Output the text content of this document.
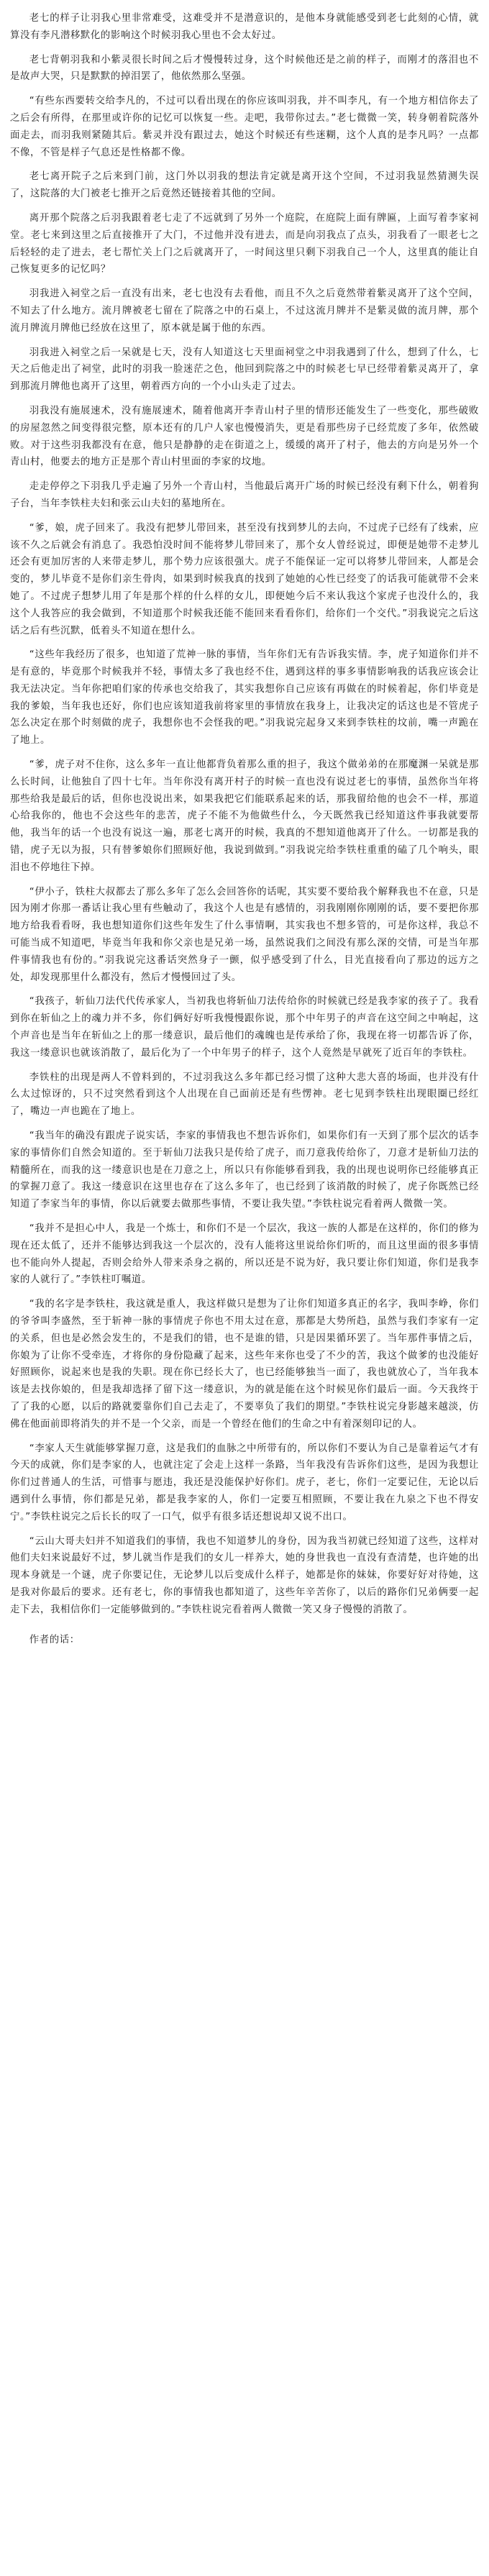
老七的样子让羽我心里非常难受，这难受并不是潜意识的，是他本身就能感受到老七此刻的心情，就算没有李凡潜移默化的影响这个时候羽我心里也不会太好过。

老七背朝羽我和小紫灵很长时间之后才慢慢转过身，这个时候他还是之前的样子，而刚才的落泪也不是故声大哭，只是默默的掉泪罢了，他依然那么坚强。

“有些东西要转交给李凡的，不过可以看出现在的你应该叫羽我，并不叫李凡，有一个地方相信你去了之后会有所得，在那里或许你的记忆可以恢复一些。走吧，我带你过去。”老七微微一笑，转身朝着院落外面走去，而羽我则紧随其后。紫灵并没有跟过去，她这个时候还有些迷糊，这个人真的是李凡吗？一点都不像，不管是样子气息还是性格都不像。

老七离开院子之后来到门前，这门外以羽我的想法肯定就是离开这个空间，不过羽我显然猜测失误了，这院落的大门被老七推开之后竟然还链接着其他的空间。

离开那个院落之后羽我跟着老七走了不远就到了另外一个庭院，在庭院上面有牌匾，上面写着李家祠堂。老七来到这里之后直接推开了大门，不过他并没有进去，而是向羽我点了点头，羽我看了一眼老七之后轻轻的走了进去，老七帮忙关上门之后就离开了，一时间这里只剩下羽我自己一个人，这里真的能让自己恢复更多的记忆吗？

羽我进入祠堂之后一直没有出来，老七也没有去看他，而且不久之后竟然带着紫灵离开了这个空间，不知去了什么地方。流月牌被老七留在了院落之中的石桌上，不过这流月牌并不是紫灵做的流月牌，那个流月牌流月牌他已经放在这里了，原本就是属于他的东西。

羽我进入祠堂之后一呆就是七天，没有人知道这七天里面祠堂之中羽我遇到了什么，想到了什么，七天之后他走出了祠堂，此时的羽我一脸迷茫之色，他回到院落之中的时候老七早已经带着紫灵离开了，拿到那流月牌他也离开了这里，朝着西方向的一个小山头走了过去。

羽我没有施展速术，没有施展速术，随着他离开李青山村子里的情形还能发生了一些变化，那些破败的房屋忽然之间变得很完整，原本还有的几户人家也慢慢消失，更是看那些房子已经荒废了多年，依然破败。对于这些羽我都没有在意，他只是静静的走在街道之上，缓缓的离开了村子，他去的方向是另外一个青山村，他要去的地方正是那个青山村里面的李家的坟地。

走走停停之下羽我几乎走遍了另外一个青山村，当他最后离开广场的时候已经没有剩下什么，朝着狗子台，当年李铁柱夫妇和张云山夫妇的墓地所在。

“爹，娘，虎子回来了。我没有把梦儿带回来，甚至没有找到梦儿的去向，不过虎子已经有了线索，应该不久之后就会有消息了。我恐怕没时间不能将梦儿带回来了，那个女人曾经说过，即便是她带不走梦儿还会有更加厉害的人来带走梦儿，那个势力应该很强大。虎子不能保证一定可以将梦儿带回来，人都是会变的，梦儿毕竟不是你们亲生骨肉，如果到时候我真的找到了她她的心性已经变了的话我可能就带不会来她了。不过虎子想梦儿用了年是那个样的什么样的女儿，即便她今后不来认我这个家虎子也没什么的，我这个人我答应的我会做到，不知道那个时候我还能不能回来看看你们，给你们一个交代。”羽我说完之后这话之后有些沉默，低着头不知道在想什么。

“这些年我经历了很多，也知道了荒神一脉的事情，当年你们无有告诉我实情。李，虎子知道你们并不是有意的，毕竟那个时候我并不轻，事情太多了我也经不住，遇到这样的事多事情影响我的话我应该会让我无法决定。当年你把咱们家的传承也交给我了，其实我想你自己应该有再做在的时候着起，你们毕竟是我的爹娘，当年我也还好，你们也应该知道我前将家里的事情放在我身上，让我决定的话这也是不管虎子怎么决定在那个时刻做的虎子，我想你也不会怪我的吧。”羽我说完起身又来到李铁柱的坟前，嘴一声跪在了地上。

“爹，虎子对不住你，这么多年一直让他都背负着那么重的担子，我这个做弟弟的在那魔渊一呆就是那么长时间，让他独自了四十七年。当年你没有离开村子的时候一直也没有说过老七的事情，虽然你当年将那些给我是最后的话，但你也没说出来，如果我把它们能联系起来的话，那我留给他的也会不一样，那道心给我你的，他也不会这些年的悲苦，虎子不能不为他做些什么，今天既然我已经知道这件事我就要帮他，我当年的话一个也没有说这一遍，那老七离开的时候，我真的不想知道他离开了什么。一切都是我的错，虎子无以为报，只有替爹娘你们照顾好他，我说到做到。”羽我说完给李铁柱重重的磕了几个响头，眼泪也不停地往下掉。

“伊小子，铁柱大叔都去了那么多年了怎么会回答你的话呢，其实要不要给我个解释我也不在意，只是因为刚才你那一番话让我心里有些触动了，我这个人也是有感情的，羽我刚刚你刚刚的话，要不要把你那地方给我看看呀，我也想知道你们这些年发生了什么事情啊，其实我也不想多管的，可是你这样，我总不可能当成不知道吧，毕竟当年我和你父亲也是兄弟一场，虽然说我们之间没有那么深的交情，可是当年那件事情我也有份的。”羽我说完这番话突然身子一颤，似乎感受到了什么，目光直接看向了那边的远方之处，却发现那里什么都没有，然后才慢慢回过了头。

“我孩子，斩仙刀法代代传承家人，当初我也将斩仙刀法传给你的时候就已经是我李家的孩子了。我看到你在斩仙之上的魂力并不多，你们俩好好听我慢慢跟你说，那个中年男子的声音在这空间之中响起，这个声音也是当年在斩仙之上的那一缕意识，最后他们的魂魄也是传承给了你，我现在将一切都告诉了你，我这一缕意识也就该消散了，最后化为了一个中年男子的样子，这个人竟然是早就死了近百年的李铁柱。

李铁柱的出现是两人不曾料到的，不过羽我这么多年都已经习惯了这种大悲大喜的场面，也并没有什么太过惊讶的，只不过突然看到这个人出现在自己面前还是有些愣神。老七见到李铁柱出现眼圈已经红了，嘴边一声也跪在了地上。

“我当年的确没有跟虎子说实话，李家的事情我也不想告诉你们，如果你们有一天到了那个层次的话李家的事情你们自然会知道的。至于斩仙刀法我只是传给了虎子，而刀意我传给你了，刀意才是斩仙刀法的精髓所在，而我的这一缕意识也是在刀意之上，所以只有你能够看到我，我的出现也说明你已经能够真正的掌握刀意了。我这一缕意识在这里也存在了这么多年了，也已经到了该消散的时候了，虎子你既然已经知道了李家当年的事情，你以后就要去做那些事情，不要让我失望。”李铁柱说完看着两人微微一笑。

“我并不是担心中人，我是一个炼士，和你们不是一个层次，我这一族的人都是在这样的，你们的修为现在还太低了，还并不能够达到我这一个层次的，没有人能将这里说给你们听的，而且这里面的很多事情也不能向外人提起，否则会给外人带来杀身之祸的，所以还是不说为好，我只要让你们知道，你们是我李家的人就行了。”李铁柱叮嘱道。

“我的名字是李铁柱，我这就是重人，我这样做只是想为了让你们知道多真正的名字，我叫李峥，你们的爷爷叫李盛然，至于斩神一脉的事情虎子你也不用太过在意，那都是大势所趋，虽然与我们李家有一定的关系，但也是必然会发生的，不是我们的错，也不是谁的错，只是因果循环罢了。当年那件事情之后，你娘为了让你不受牵连，才将你的身份隐藏了起来，这些年来你也受了不少的苦，我这个做爹的也没能好好照顾你，说起来也是我的失职。现在你已经长大了，也已经能够独当一面了，我也就放心了，当年我本该是去找你娘的，但是我却选择了留下这一缕意识，为的就是能在这个时候见你们最后一面。今天我终于了了我的心愿，以后的路就要靠你们自己去走了，不要辜负了我们的期望。”李铁柱说完身影越来越淡，仿佛在他面前即将消失的并不是一个父亲，而是一个曾经在他们的生命之中有着深刻印记的人。

“李家人天生就能够掌握刀意，这是我们的血脉之中所带有的，所以你们不要认为自己是靠着运气才有今天的成就，你们是李家的人，也就注定了会走上这样一条路，当年我没有告诉你们这些，是因为我想让你们过普通人的生活，可惜事与愿违，我还是没能保护好你们。虎子，老七，你们一定要记住，无论以后遇到什么事情，你们都是兄弟，都是我李家的人，你们一定要互相照顾，不要让我在九泉之下也不得安宁。”李铁柱说完之后长长的叹了一口气，似乎有很多话还想说却又说不出口。

“云山大哥夫妇并不知道我们的事情，我也不知道梦儿的身份，因为我当初就已经知道了这些，这样对他们夫妇来说最好不过，梦儿就当作是我们的女儿一样养大，她的身世我也一直没有查清楚，也许她的出现本身就是一个谜，虎子你要记住，无论梦儿以后变成什么样子，她都是你的妹妹，你要好好对待她，这是我对你最后的要求。还有老七，你的事情我也都知道了，这些年辛苦你了，以后的路你们兄弟俩要一起走下去，我相信你们一定能够做到的。”李铁柱说完看着两人微微一笑又身子慢慢的消散了。

作者的话：
